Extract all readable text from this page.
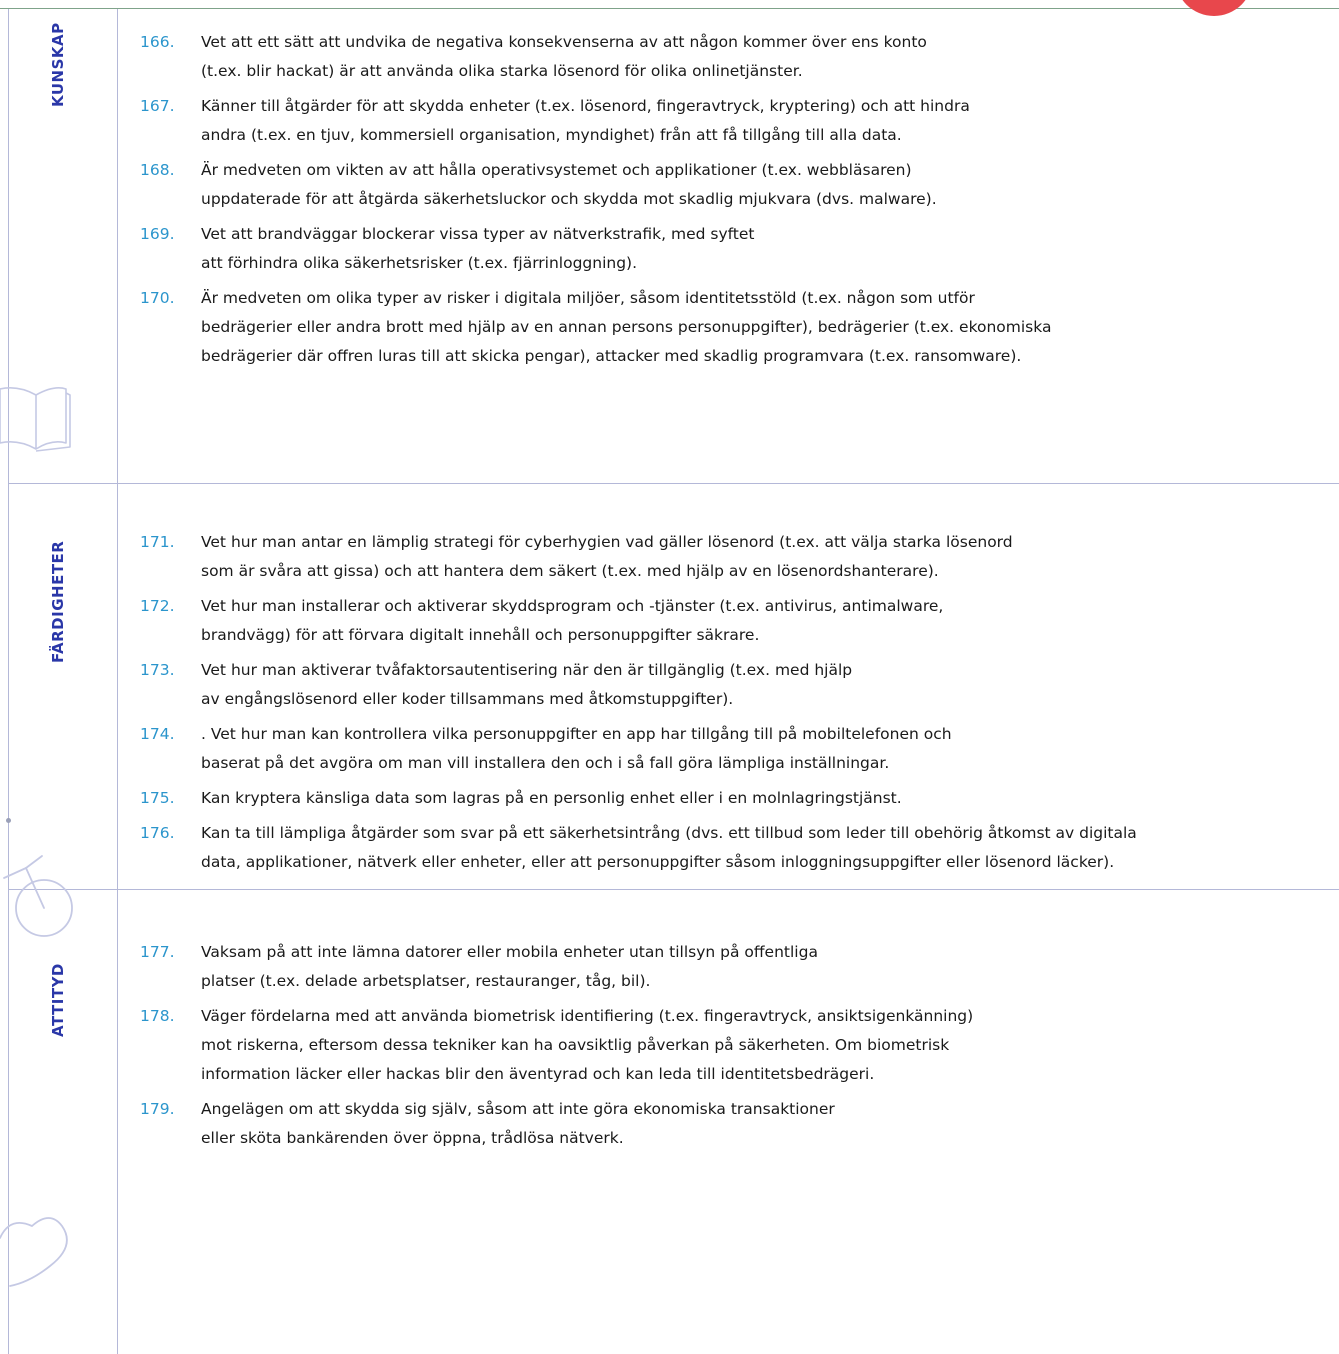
KUNSKAP	166. Vet att ett sätt att undvika de negativa konsekvenserna av att någon kommer över ens konto
(t.ex. blir hackat) är att använda olika starka lösenord för olika onlinetjänster.
167. Känner till åtgärder för att skydda enheter (t.ex. lösenord, fingeravtryck, kryptering) och att hindra
andra (t.ex. en tjuv, kommersiell organisation, myndighet) från att få tillgång till alla data.
168. Är medveten om vikten av att hålla operativsystemet och applikationer (t.ex. webbläsaren)
uppdaterade för att åtgärda säkerhetsluckor och skydda mot skadlig mjukvara (dvs. malware).
169. Vet att brandväggar blockerar vissa typer av nätverkstrafik, med syftet
att förhindra olika säkerhetsrisker (t.ex. fjärrinloggning).
170. Är medveten om olika typer av risker i digitala miljöer, såsom identitetsstöld (t.ex. någon som utför
bedrägerier eller andra brott med hjälp av en annan persons personuppgifter), bedrägerier (t.ex. ekonomiska
bedrägerier där offren luras till att skicka pengar), attacker med skadlig programvara (t.ex. ransomware).
FÄRDIGHETER	171. Vet hur man antar en lämplig strategi för cyberhygien vad gäller lösenord (t.ex. att välja starka lösenord
som är svåra att gissa) och att hantera dem säkert (t.ex. med hjälp av en lösenordshanterare).
172. Vet hur man installerar och aktiverar skyddsprogram och -tjänster (t.ex. antivirus, antimalware,
brandvägg) för att förvara digitalt innehåll och personuppgifter säkrare.
173. Vet hur man aktiverar tvåfaktorsautentisering när den är tillgänglig (t.ex. med hjälp
av engångslösenord eller koder tillsammans med åtkomstuppgifter).
174. . Vet hur man kan kontrollera vilka personuppgifter en app har tillgång till på mobiltelefonen och
baserat på det avgöra om man vill installera den och i så fall göra lämpliga inställningar.
175. Kan kryptera känsliga data som lagras på en personlig enhet eller i en molnlagringstjänst.
176. Kan ta till lämpliga åtgärder som svar på ett säkerhetsintrång (dvs. ett tillbud som leder till obehörig åtkomst av digitala
data, applikationer, nätverk eller enheter, eller att personuppgifter såsom inloggningsuppgifter eller lösenord läcker).
ATTITYD
177. Vaksam på att inte lämna datorer eller mobila enheter utan tillsyn på offentliga
platser (t.ex. delade arbetsplatser, restauranger, tåg, bil).
178. Väger fördelarna med att använda biometrisk identifiering (t.ex. fingeravtryck, ansiktsigenkänning)
mot riskerna, eftersom dessa tekniker kan ha oavsiktlig påverkan på säkerheten. Om biometrisk
information läcker eller hackas blir den äventyrad och kan leda till identitetsbedrägeri.
179. Angelägen om att skydda sig själv, såsom att inte göra ekonomiska transaktioner
eller sköta bankärenden över öppna, trådlösa nätverk.
